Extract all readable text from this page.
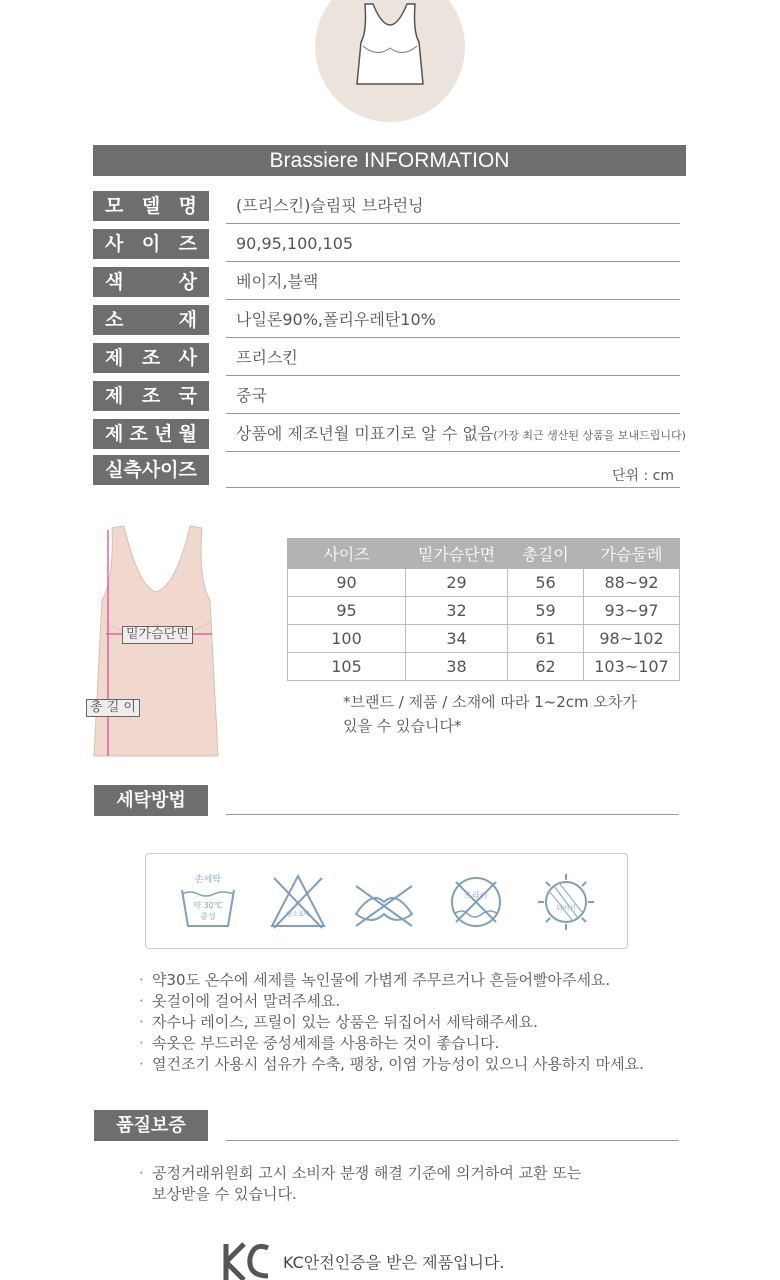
Brassiere INFORMATION
모 델 명	(프리스킨)슬림핏 브라런닝
사 이 즈	90,95,100,105
색	상	베이지,블랙
소	재	나일론90%,폴리우레탄10%
제 조 사	프리스킨
제 조 국	중국
제 조 년 월	상품에 제조년월 미표기로 알 수 없음(가장 최근 생산된 상품을 보내드립니다)
실측사이즈	단위 : cm
밑가슴단면
총 길 이
사이즈	밑가슴단면	총길이	가슴둘레
90	29	56	88~92
95	32	59	93~97
100	34	61	98~102
105	38	62	103~107
*브랜드 / 제품 / 소재에 따라 1~2cm 오차가
있을 수 있습니다*
세탁방법
손세탁
약 30℃
중성	염소표백
드라이
뉘어서
· 약30도 온수에 세제를 녹인물에 가볍게 주무르거나 흔들어빨아주세요.
· 옷걸이에 걸어서 말려주세요.
· 자수나 레이스, 프릴이 있는 상품은 뒤집어서 세탁해주세요.
· 속옷은 부드러운 중성세제를 사용하는 것이 좋습니다.
· 열건조기 사용시 섬유가 수축, 팽창, 이염 가능성이 있으니 사용하지 마세요.
품질보증
· 공정거래위원회 고시 소비자 분쟁 해결 기준에 의거하여 교환 또는
보상받을 수 있습니다.
KC안전인증을 받은 제품입니다.
